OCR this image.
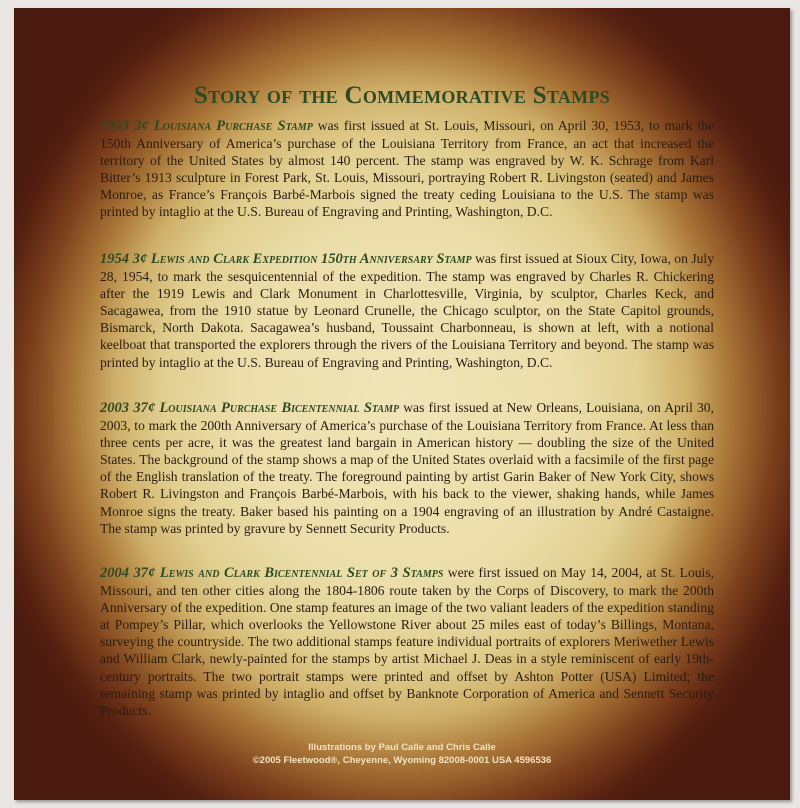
Story of the Commemorative Stamps

1953 3¢ Louisiana Purchase Stamp was first issued at St. Louis, Missouri, on April 30, 1953, to mark the 150th Anniversary of America’s purchase of the Louisiana Territory from France, an act that increased the territory of the United States by almost 140 percent. The stamp was engraved by W. K. Schrage from Karl Bitter’s 1913 sculpture in Forest Park, St. Louis, Missouri, portraying Robert R. Livingston (seated) and James Monroe, as France’s François Barbé-Marbois signed the treaty ceding Louisiana to the U.S. The stamp was printed by intaglio at the U.S. Bureau of Engraving and Printing, Washington, D.C.

1954 3¢ Lewis and Clark Expedition 150th Anniversary Stamp was first issued at Sioux City, Iowa, on July 28, 1954, to mark the sesquicentennial of the expedition. The stamp was engraved by Charles R. Chickering after the 1919 Lewis and Clark Monument in Charlottesville, Virginia, by sculptor, Charles Keck, and Sacagawea, from the 1910 statue by Leonard Crunelle, the Chicago sculptor, on the State Capitol grounds, Bismarck, North Dakota. Sacagawea’s husband, Toussaint Charbonneau, is shown at left, with a notional keelboat that transported the explorers through the rivers of the Louisiana Territory and beyond. The stamp was printed by intaglio at the U.S. Bureau of Engraving and Printing, Washington, D.C.

2003 37¢ Louisiana Purchase Bicentennial Stamp was first issued at New Orleans, Louisiana, on April 30, 2003, to mark the 200th Anniversary of America’s purchase of the Louisiana Territory from France. At less than three cents per acre, it was the greatest land bargain in American history — doubling the size of the United States. The background of the stamp shows a map of the United States overlaid with a facsimile of the first page of the English translation of the treaty. The foreground painting by artist Garin Baker of New York City, shows Robert R. Livingston and François Barbé-Marbois, with his back to the viewer, shaking hands, while James Monroe signs the treaty. Baker based his painting on a 1904 engraving of an illustration by André Castaigne. The stamp was printed by gravure by Sennett Security Products.

2004 37¢ Lewis and Clark Bicentennial Set of 3 Stamps were first issued on May 14, 2004, at St. Louis, Missouri, and ten other cities along the 1804-1806 route taken by the Corps of Discovery, to mark the 200th Anniversary of the expedition. One stamp features an image of the two valiant leaders of the expedition standing at Pompey’s Pillar, which overlooks the Yellowstone River about 25 miles east of today’s Billings, Montana, surveying the countryside. The two additional stamps feature individual portraits of explorers Meriwether Lewis and William Clark, newly-painted for the stamps by artist Michael J. Deas in a style reminiscent of early 19th-century portraits. The two portrait stamps were printed and offset by Ashton Potter (USA) Limited; the remaining stamp was printed by intaglio and offset by Banknote Corporation of America and Sennett Security Products.

Illustrations by Paul Calle and Chris Calle
©2005 Fleetwood®, Cheyenne, Wyoming 82008-0001 USA 4596536
